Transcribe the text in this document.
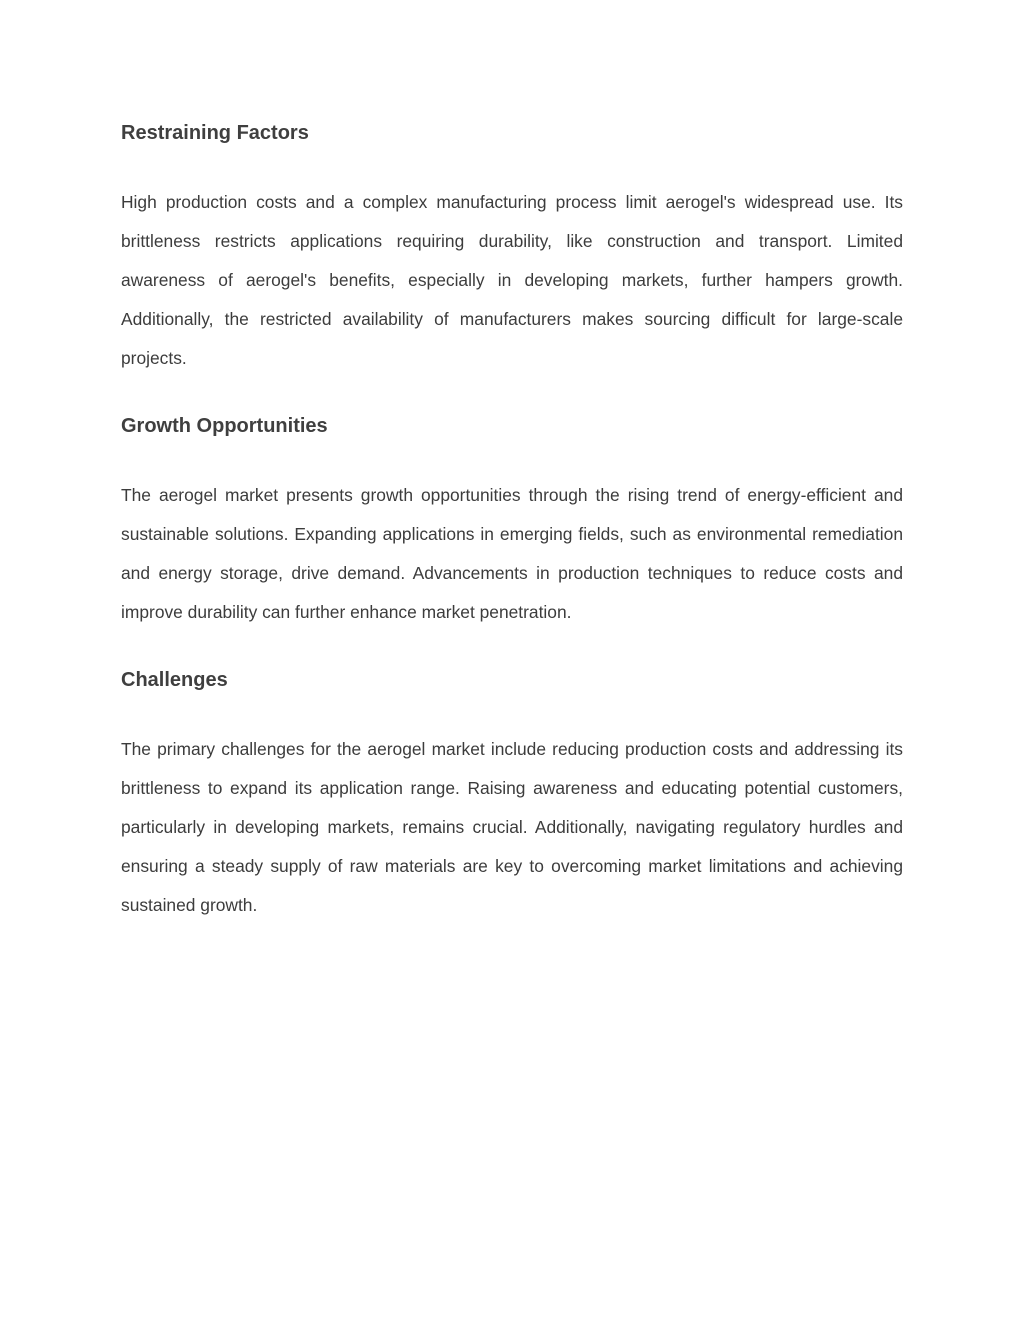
Restraining Factors

High production costs and a complex manufacturing process limit aerogel's widespread use. Its brittleness restricts applications requiring durability, like construction and transport. Limited awareness of aerogel's benefits, especially in developing markets, further hampers growth. Additionally, the restricted availability of manufacturers makes sourcing difficult for large-scale projects.

Growth Opportunities

The aerogel market presents growth opportunities through the rising trend of energy-efficient and sustainable solutions. Expanding applications in emerging fields, such as environmental remediation and energy storage, drive demand. Advancements in production techniques to reduce costs and improve durability can further enhance market penetration.

Challenges

The primary challenges for the aerogel market include reducing production costs and addressing its brittleness to expand its application range. Raising awareness and educating potential customers, particularly in developing markets, remains crucial. Additionally, navigating regulatory hurdles and ensuring a steady supply of raw materials are key to overcoming market limitations and achieving sustained growth.
